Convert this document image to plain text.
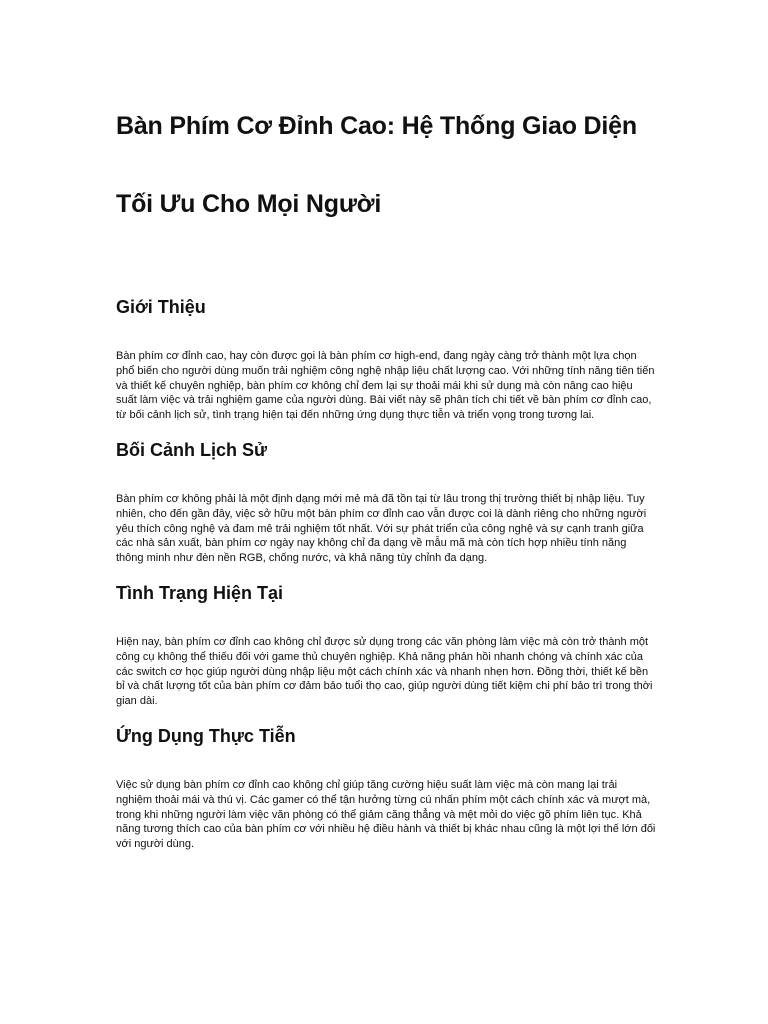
Bàn Phím Cơ Đỉnh Cao: Hệ Thống Giao Diện
Tối Ưu Cho Mọi Người
Giới Thiệu

Bàn phím cơ đỉnh cao, hay còn được gọi là bàn phím cơ high-end, đang ngày càng trở thành một lựa chọn phổ biến cho người dùng muốn trải nghiệm công nghệ nhập liệu chất lượng cao. Với những tính năng tiên tiến và thiết kế chuyên nghiệp, bàn phím cơ không chỉ đem lại sự thoải mái khi sử dụng mà còn nâng cao hiệu suất làm việc và trải nghiệm game của người dùng. Bài viết này sẽ phân tích chi tiết về bàn phím cơ đỉnh cao, từ bối cảnh lịch sử, tình trạng hiện tại đến những ứng dụng thực tiễn và triển vọng trong tương lai.

Bối Cảnh Lịch Sử

Bàn phím cơ không phải là một định dạng mới mẻ mà đã tồn tại từ lâu trong thị trường thiết bị nhập liệu. Tuy nhiên, cho đến gần đây, việc sở hữu một bàn phím cơ đỉnh cao vẫn được coi là dành riêng cho những người yêu thích công nghệ và đam mê trải nghiệm tốt nhất. Với sự phát triển của công nghệ và sự cạnh tranh giữa các nhà sản xuất, bàn phím cơ ngày nay không chỉ đa dạng về mẫu mã mà còn tích hợp nhiều tính năng thông minh như đèn nền RGB, chống nước, và khả năng tùy chỉnh đa dạng.

Tình Trạng Hiện Tại

Hiện nay, bàn phím cơ đỉnh cao không chỉ được sử dụng trong các văn phòng làm việc mà còn trở thành một công cụ không thể thiếu đối với game thủ chuyên nghiệp. Khả năng phản hồi nhanh chóng và chính xác của các switch cơ học giúp người dùng nhập liệu một cách chính xác và nhanh nhẹn hơn. Đồng thời, thiết kế bền bỉ và chất lượng tốt của bàn phím cơ đảm bảo tuổi thọ cao, giúp người dùng tiết kiệm chi phí bảo trì trong thời gian dài.

Ứng Dụng Thực Tiễn

Việc sử dụng bàn phím cơ đỉnh cao không chỉ giúp tăng cường hiệu suất làm việc mà còn mang lại trải nghiệm thoải mái và thú vị. Các gamer có thể tận hưởng từng cú nhấn phím một cách chính xác và mượt mà, trong khi những người làm việc văn phòng có thể giảm căng thẳng và mệt mỏi do việc gõ phím liên tục. Khả năng tương thích cao của bàn phím cơ với nhiều hệ điều hành và thiết bị khác nhau cũng là một lợi thế lớn đối với người dùng.
